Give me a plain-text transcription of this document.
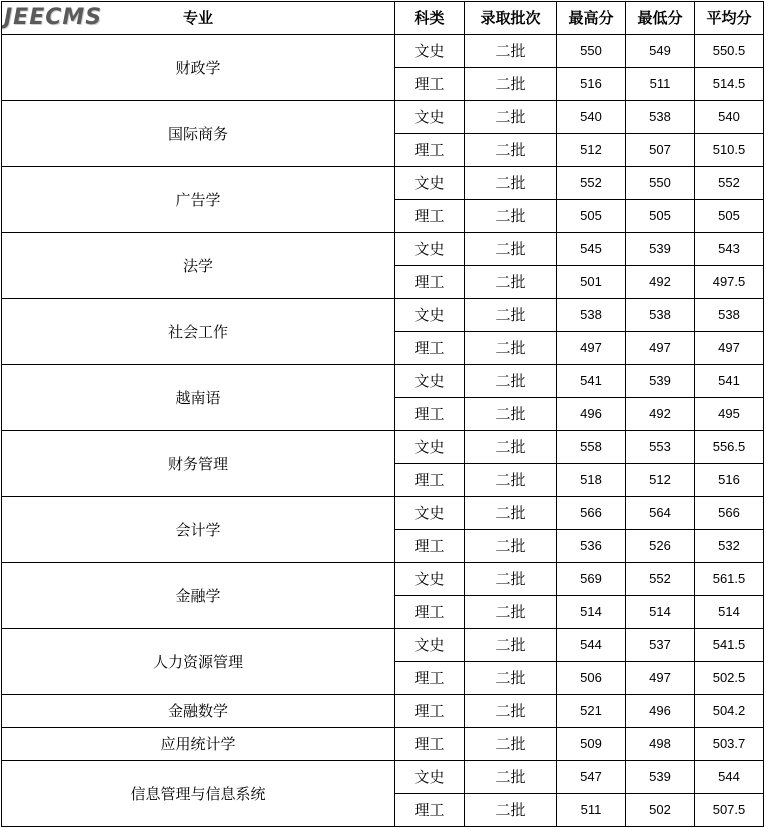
JEECMS 专业	科类	录取批次	最高分	最低分	平均分
财政学	文史	二批	550	549	550.5
	理工	二批	516	511	514.5
国际商务	文史	二批	540	538	540
	理工	二批	512	507	510.5
广告学	文史	二批	552	550	552
	理工	二批	505	505	505
法学	文史	二批	545	539	543
	理工	二批	501	492	497.5
社会工作	文史	二批	538	538	538
	理工	二批	497	497	497
越南语	文史	二批	541	539	541
	理工	二批	496	492	495
财务管理	文史	二批	558	553	556.5
	理工	二批	518	512	516
会计学	文史	二批	566	564	566
	理工	二批	536	526	532
金融学	文史	二批	569	552	561.5
	理工	二批	514	514	514
人力资源管理	文史	二批	544	537	541.5
	理工	二批	506	497	502.5
金融数学	理工	二批	521	496	504.2
应用统计学	理工	二批	509	498	503.7
信息管理与信息系统	文史	二批	547	539	544
	理工	二批	511	502	507.5
